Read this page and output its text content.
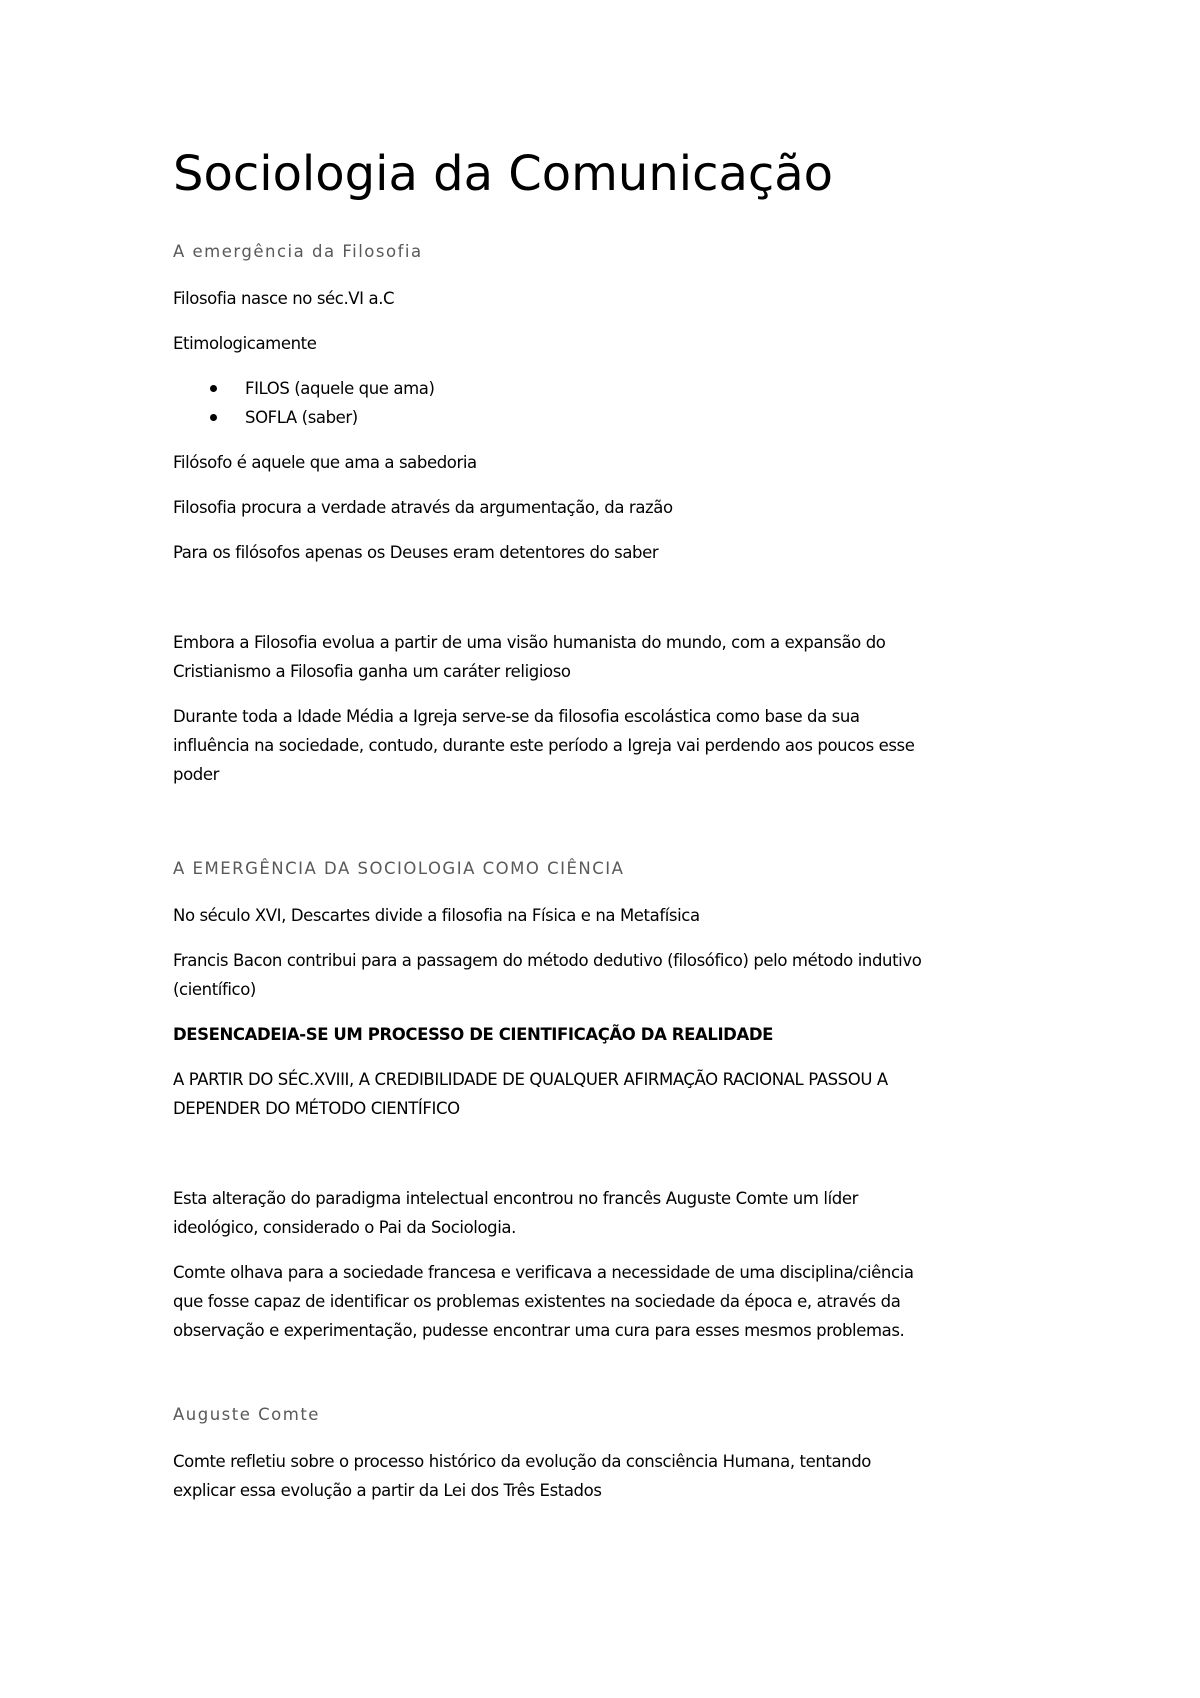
Sociologia da Comunicação

A emergência da Filosofia

Filosofia nasce no séc.VI a.C

Etimologicamente

FILOS (aquele que ama)
SOFLA (saber)

Filósofo é aquele que ama a sabedoria

Filosofia procura a verdade através da argumentação, da razão

Para os filósofos apenas os Deuses eram detentores do saber

Embora a Filosofia evolua a partir de uma visão humanista do mundo, com a expansão do

Cristianismo a Filosofia ganha um caráter religioso

Durante toda a Idade Média a Igreja serve-se da filosofia escolástica como base da sua

influência na sociedade, contudo, durante este período a Igreja vai perdendo aos poucos esse

poder

A EMERGÊNCIA DA SOCIOLOGIA COMO CIÊNCIA

No século XVI, Descartes divide a filosofia na Física e na Metafísica

Francis Bacon contribui para a passagem do método dedutivo (filosófico) pelo método indutivo

(científico)

DESENCADEIA-SE UM PROCESSO DE CIENTIFICAÇÃO DA REALIDADE

A PARTIR DO SÉC.XVIII, A CREDIBILIDADE DE QUALQUER AFIRMAÇÃO RACIONAL PASSOU A

DEPENDER DO MÉTODO CIENTÍFICO

Esta alteração do paradigma intelectual encontrou no francês Auguste Comte um líder

ideológico, considerado o Pai da Sociologia.

Comte olhava para a sociedade francesa e verificava a necessidade de uma disciplina/ciência

que fosse capaz de identificar os problemas existentes na sociedade da época e, através da

observação e experimentação, pudesse encontrar uma cura para esses mesmos problemas.

Auguste Comte

Comte refletiu sobre o processo histórico da evolução da consciência Humana, tentando

explicar essa evolução a partir da Lei dos Três Estados
